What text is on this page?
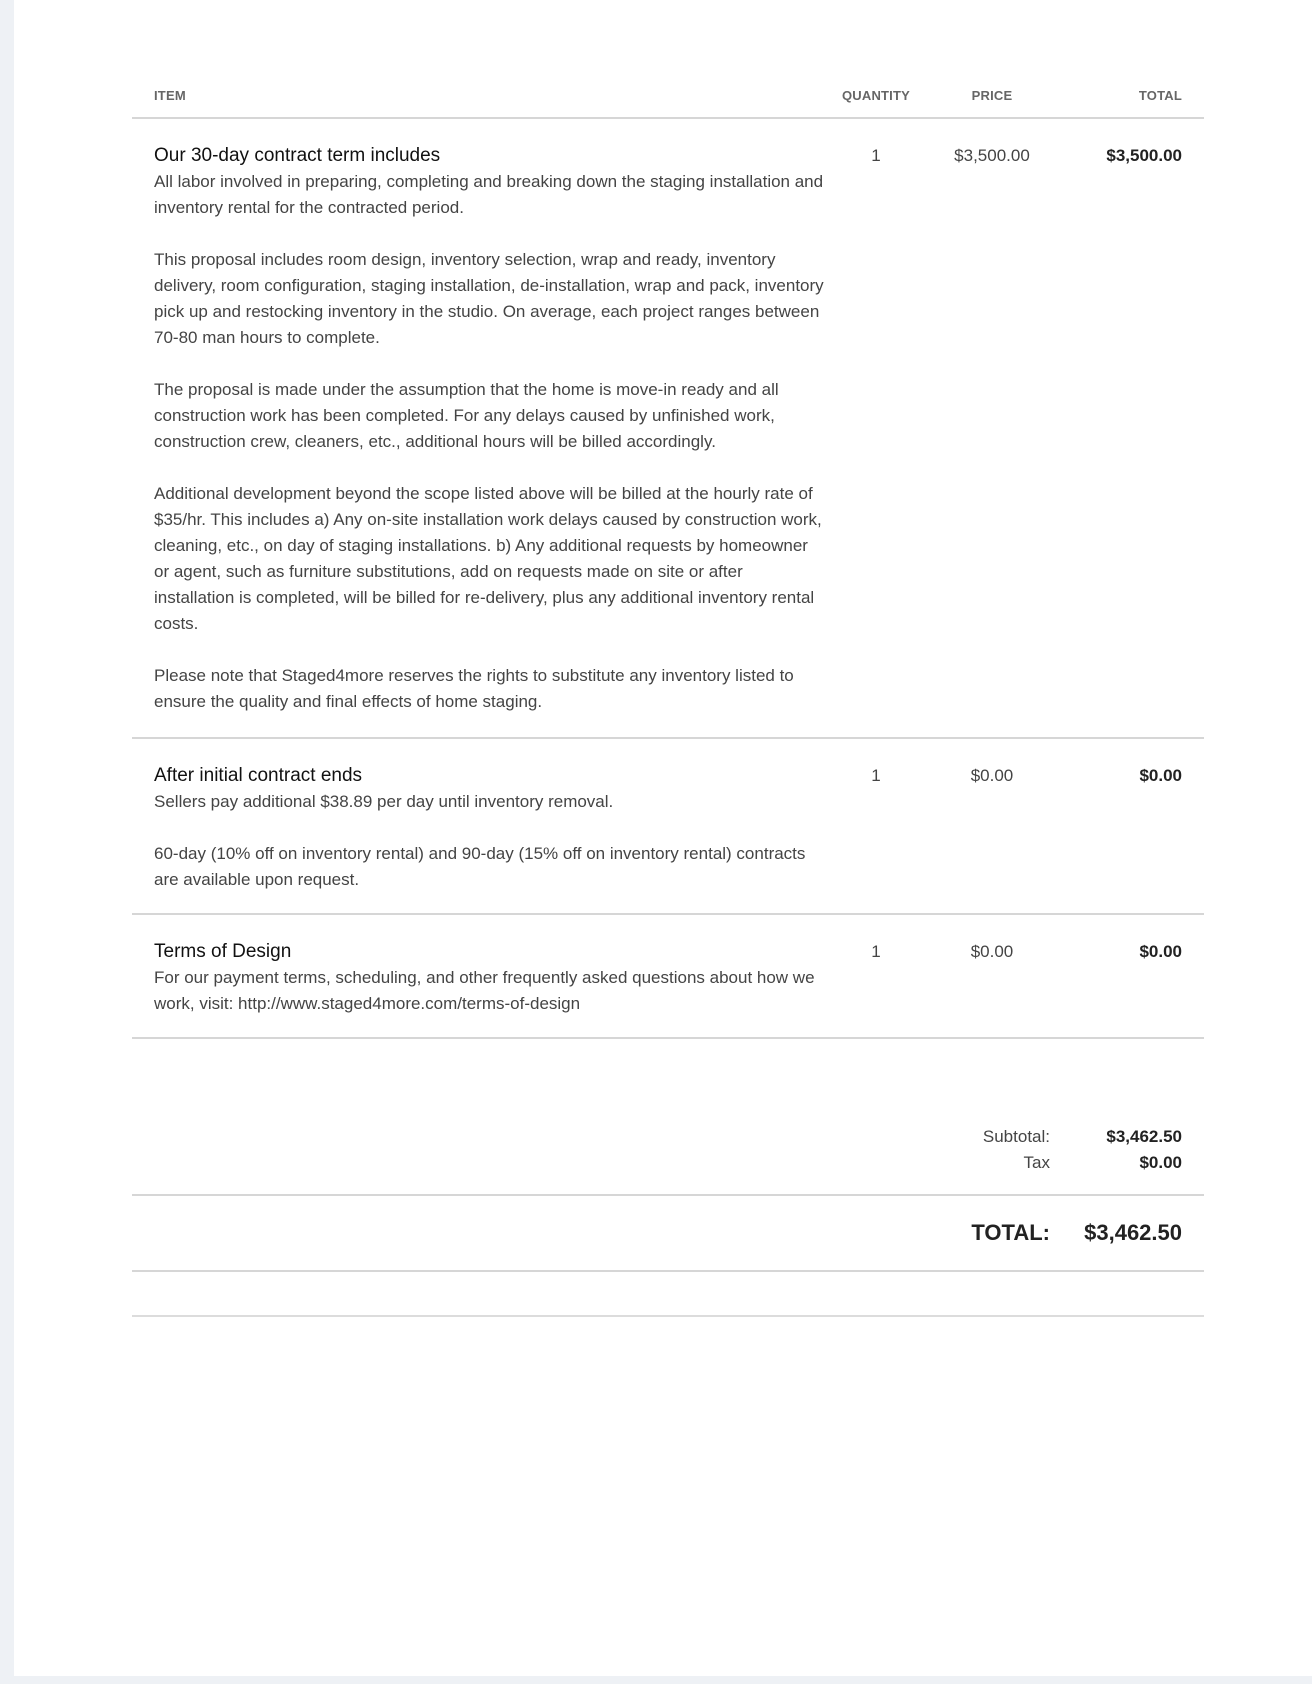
ITEM	QUANTITY	PRICE	TOTAL
Our 30-day contract term includes

All labor involved in preparing, completing and breaking down the staging installation and inventory rental for the contracted period.

This proposal includes room design, inventory selection, wrap and ready, inventory delivery, room configuration, staging installation, de-installation, wrap and pack, inventory pick up and restocking inventory in the studio. On average, each project ranges between 70-80 man hours to complete.

The proposal is made under the assumption that the home is move-in ready and all construction work has been completed. For any delays caused by unfinished work, construction crew, cleaners, etc., additional hours will be billed accordingly.

Additional development beyond the scope listed above will be billed at the hourly rate of $35/hr. This includes a) Any on-site installation work delays caused by construction work, cleaning, etc., on day of staging installations. b) Any additional requests by homeowner or agent, such as furniture substitutions, add on requests made on site or after installation is completed, will be billed for re-delivery, plus any additional inventory rental costs.

Please note that Staged4more reserves the rights to substitute any inventory listed to ensure the quality and final effects of home staging.

1	$3,500.00	$3,500.00
After initial contract ends

Sellers pay additional $38.89 per day until inventory removal.

60-day (10% off on inventory rental) and 90-day (15% off on inventory rental) contracts are available upon request.

1	$0.00	$0.00
Terms of Design

For our payment terms, scheduling, and other frequently asked questions about how we work, visit: http://www.staged4more.com/terms-of-design

1	$0.00	$0.00
Subtotal:	$3,462.50
Tax	$0.00
TOTAL:	$3,462.50
